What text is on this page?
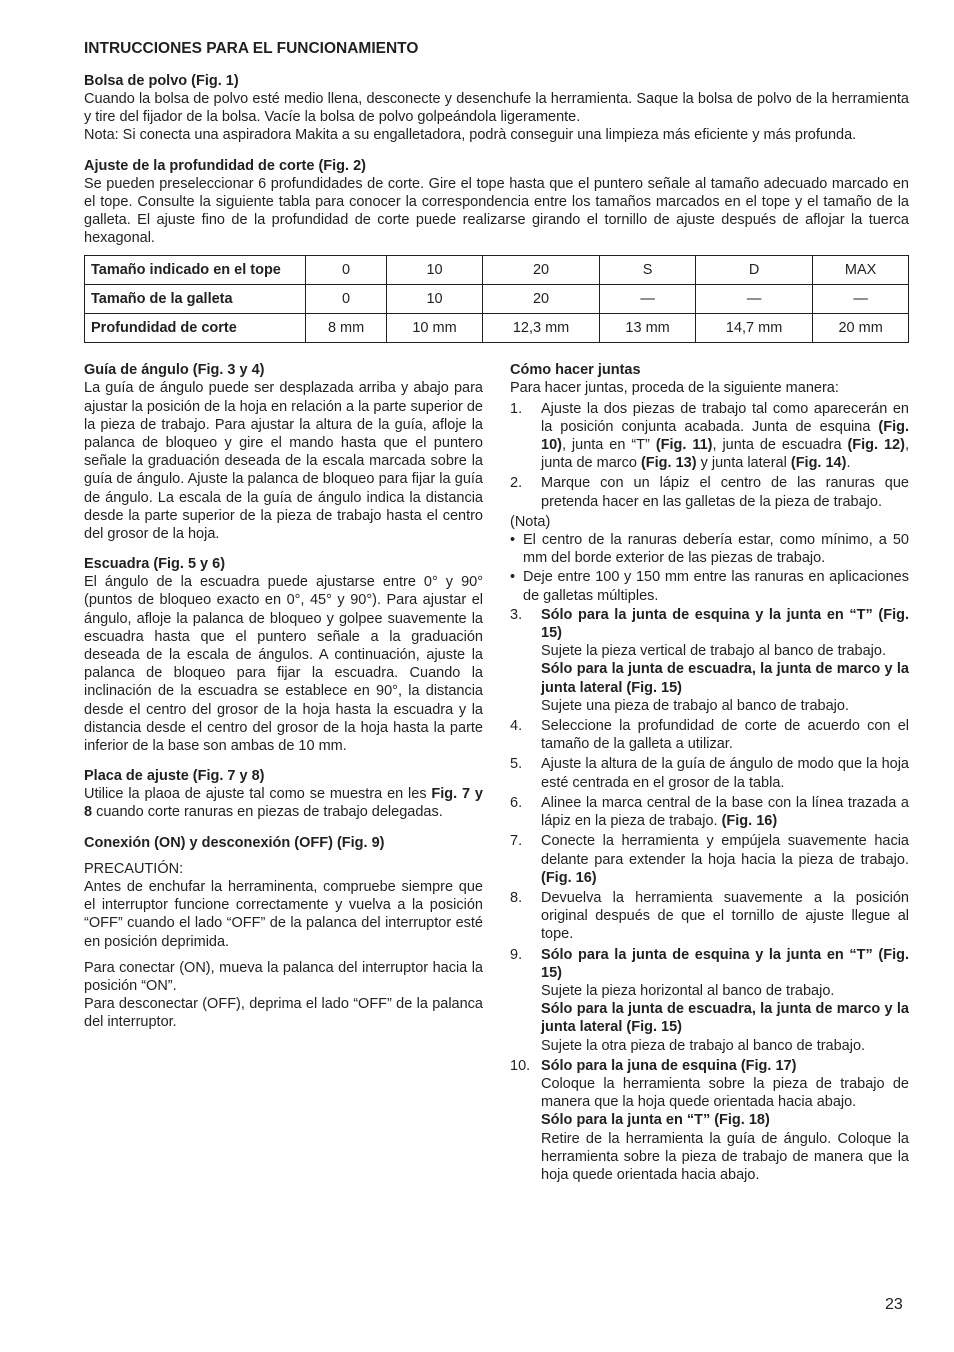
INTRUCCIONES PARA EL FUNCIONAMIENTO
Bolsa de polvo (Fig. 1)

Cuando la bolsa de polvo esté medio llena, desconecte y desenchufe la herramienta. Saque la bolsa de polvo de la herramienta y tire del fijador de la bolsa. Vacíe la bolsa de polvo golpeándola ligeramente.

Nota: Si conecta una aspiradora Makita a su engalletadora, podrà conseguir una limpieza más eficiente y más profunda.

Ajuste de la profundidad de corte (Fig. 2)

Se pueden preseleccionar 6 profundidades de corte. Gire el tope hasta que el puntero señale al tamaño adecuado marcado en el tope. Consulte la siguiente tabla para conocer la correspondencia entre los tamaños marcados en el tope y el tamaño de la galleta. El ajuste fino de la profundidad de corte puede realizarse girando el tornillo de ajuste después de aflojar la tuerca hexagonal.

Tamaño indicado en el tope	0	10	20	S	D	MAX
Tamaño de la galleta	0	10	20	—	—	—
Profundidad de corte	8 mm	10 mm	12,3 mm	13 mm	14,7 mm	20 mm
Guía de ángulo (Fig. 3 y 4)

La guía de ángulo puede ser desplazada arriba y abajo para ajustar la posición de la hoja en relación a la parte superior de la pieza de trabajo. Para ajustar la altura de la guía, afloje la palanca de bloqueo y gire el mando hasta que el puntero señale la graduación deseada de la escala marcada sobre la guía de ángulo. Ajuste la palanca de bloqueo para fijar la guía de ángulo. La escala de la guía de ángulo indica la distancia desde la parte superior de la pieza de trabajo hasta el centro del grosor de la hoja.

Escuadra (Fig. 5 y 6)

El ángulo de la escuadra puede ajustarse entre 0° y 90° (puntos de bloqueo exacto en 0°, 45° y 90°). Para ajustar el ángulo, afloje la palanca de bloqueo y golpee suavemente la escuadra hasta que el puntero señale a la graduación deseada de la escala de ángulos. A continuación, ajuste la palanca de bloqueo para fijar la escuadra. Cuando la inclinación de la escuadra se establece en 90°, la distancia desde el centro del grosor de la hoja hasta la escuadra y la distancia desde el centro del grosor de la hoja hasta la parte inferior de la base son ambas de 10 mm.

Placa de ajuste (Fig. 7 y 8)

Utilice la plaoa de ajuste tal como se muestra en les Fig. 7 y 8 cuando corte ranuras en piezas de trabajo delegadas.

Conexión (ON) y desconexión (OFF) (Fig. 9)

PRECAUTIÓN:

Antes de enchufar la herraminenta, compruebe siempre que el interruptor funcione correctamente y vuelva a la posición “OFF” cuando el lado “OFF” de la palanca del interruptor esté en posición deprimida.

Para conectar (ON), mueva la palanca del interruptor hacia la posición “ON”.

Para desconectar (OFF), deprima el lado “OFF” de la palanca del interruptor.

Cómo hacer juntas

Para hacer juntas, proceda de la siguiente manera:

1.	Ajuste la dos piezas de trabajo tal como aparecerán en la posición conjunta acabada. Junta de esquina (Fig. 10), junta en “T” (Fig. 11), junta de escuadra (Fig. 12), junta de marco (Fig. 13) y junta lateral (Fig. 14).
2.	Marque con un lápiz el centro de las ranuras que pretenda hacer en las galletas de la pieza de trabajo.

(Nota)

• El centro de la ranuras debería estar, como mínimo, a 50 mm del borde exterior de las piezas de trabajo.
• Deje entre 100 y 150 mm entre las ranuras en aplicaciones de galletas múltiples.
3.	Sólo para la junta de esquina y la junta en “T” (Fig. 15)
Sujete la pieza vertical de trabajo al banco de trabajo.
Sólo para la junta de escuadra, la junta de marco y la junta lateral (Fig. 15)
Sujete una pieza de trabajo al banco de trabajo.
4.	Seleccione la profundidad de corte de acuerdo con el tamaño de la galleta a utilizar.
5.	Ajuste la altura de la guía de ángulo de modo que la hoja esté centrada en el grosor de la tabla.
6.	Alinee la marca central de la base con la línea trazada a lápiz en la pieza de trabajo. (Fig. 16)
7.	Conecte la herramienta y empújela suavemente hacia delante para extender la hoja hacia la pieza de trabajo. (Fig. 16)
8.	Devuelva la herramienta suavemente a la posición original después de que el tornillo de ajuste llegue al tope.
9.	Sólo para la junta de esquina y la junta en “T” (Fig. 15)
Sujete la pieza horizontal al banco de trabajo.
Sólo para la junta de escuadra, la junta de marco y la junta lateral (Fig. 15)
Sujete la otra pieza de trabajo al banco de trabajo.
10. Sólo para la juna de esquina (Fig. 17)
Coloque la herramienta sobre la pieza de trabajo de manera que la hoja quede orientada hacia abajo.
Sólo para la junta en “T” (Fig. 18)
Retire de la herramienta la guía de ángulo. Coloque la herramienta sobre la pieza de trabajo de manera que la hoja quede orientada hacia abajo.
23
